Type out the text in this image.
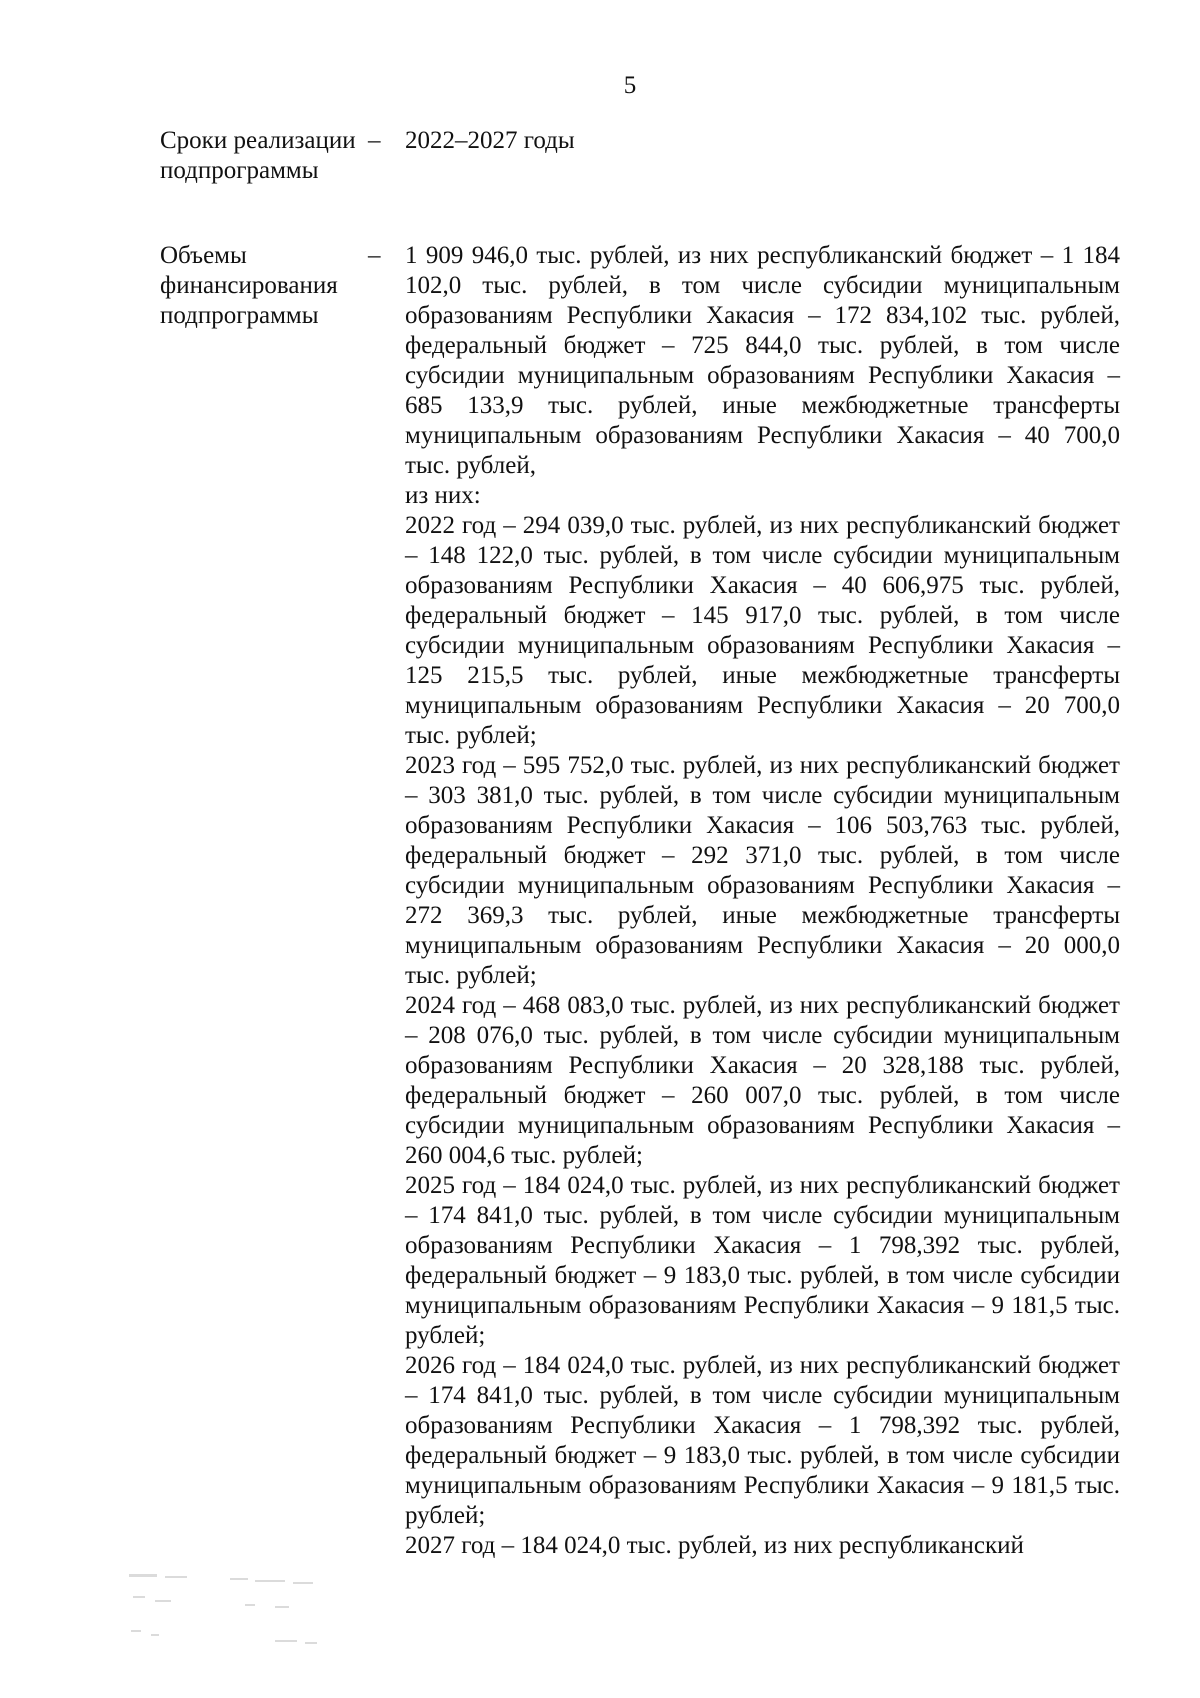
5
Сроки реализации подпрограммы
– 2022–2027 годы
Объемы финансирования подпрограммы
– 1 909 946,0 тыс. рублей, из них республиканский бюджет – 1 184 102,0 тыс. рублей, в том числе субсидии муниципальным образованиям Республики Хакасия – 172 834,102 тыс. рублей, федеральный бюджет – 725 844,0 тыс. рублей, в том числе субсидии муниципальным образованиям Республики Хакасия – 685 133,9 тыс. рублей, иные межбюджетные трансферты муниципальным образованиям Республики Хакасия – 40 700,0 тыс. рублей,

из них:

2022 год – 294 039,0 тыс. рублей, из них республиканский бюджет – 148 122,0 тыс. рублей, в том числе субсидии муниципальным образованиям Республики Хакасия – 40 606,975 тыс. рублей, федеральный бюджет – 145 917,0 тыс. рублей, в том числе субсидии муниципальным образованиям Республики Хакасия – 125 215,5 тыс. рублей, иные межбюджетные трансферты муниципальным образованиям Республики Хакасия – 20 700,0 тыс. рублей;

2023 год – 595 752,0 тыс. рублей, из них республиканский бюджет – 303 381,0 тыс. рублей, в том числе субсидии муниципальным образованиям Республики Хакасия – 106 503,763 тыс. рублей, федеральный бюджет – 292 371,0 тыс. рублей, в том числе субсидии муниципальным образованиям Республики Хакасия – 272 369,3 тыс. рублей, иные межбюджетные трансферты муниципальным образованиям Республики Хакасия – 20 000,0 тыс. рублей;

2024 год – 468 083,0 тыс. рублей, из них республиканский бюджет – 208 076,0 тыс. рублей, в том числе субсидии муниципальным образованиям Республики Хакасия – 20 328,188 тыс. рублей, федеральный бюджет – 260 007,0 тыс. рублей, в том числе субсидии муниципальным образованиям Республики Хакасия – 260 004,6 тыс. рублей;

2025 год – 184 024,0 тыс. рублей, из них республиканский бюджет – 174 841,0 тыс. рублей, в том числе субсидии муниципальным образованиям Республики Хакасия – 1 798,392 тыс. рублей, федеральный бюджет – 9 183,0 тыс. рублей, в том числе субсидии муниципальным образованиям Республики Хакасия – 9 181,5 тыс. рублей;

2026 год – 184 024,0 тыс. рублей, из них республиканский бюджет – 174 841,0 тыс. рублей, в том числе субсидии муниципальным образованиям Республики Хакасия – 1 798,392 тыс. рублей, федеральный бюджет – 9 183,0 тыс. рублей, в том числе субсидии муниципальным образованиям Республики Хакасия – 9 181,5 тыс. рублей;

2027 год – 184 024,0 тыс. рублей, из них республиканский
